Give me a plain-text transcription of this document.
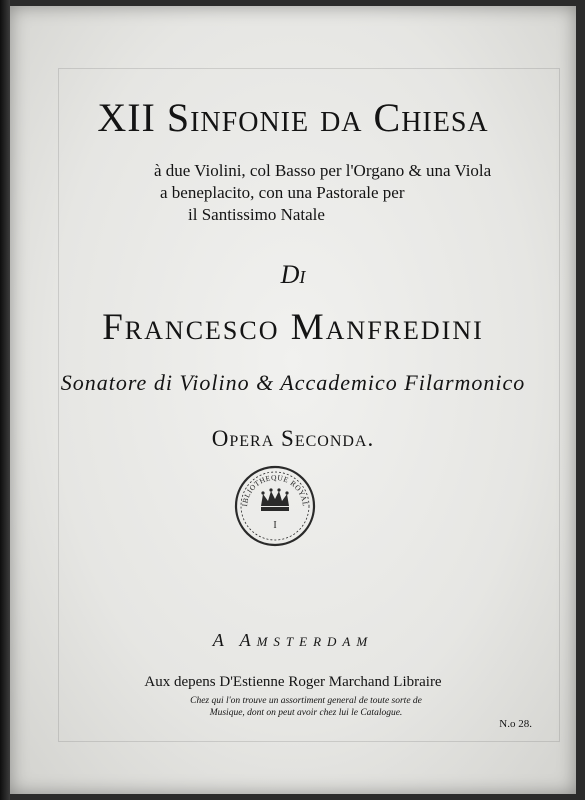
XII Sinfonie da Chiesa
à due Violini, col Basso per l'Organo & una Viola
a beneplacito, con una Pastorale per
il Santissimo Natale
Di
Francesco Manfredini
Sonatore di Violino & Accademico Filarmonico
Opera Seconda.
IBLIOTHEQUE ROYAL
I
A Amsterdam
Aux depens D'Estienne Roger Marchand Libraire
Chez qui l'on trouve un assortiment general de toute sorte de
Musique, dont on peut avoir chez lui le Catalogue.
N.o 28.
